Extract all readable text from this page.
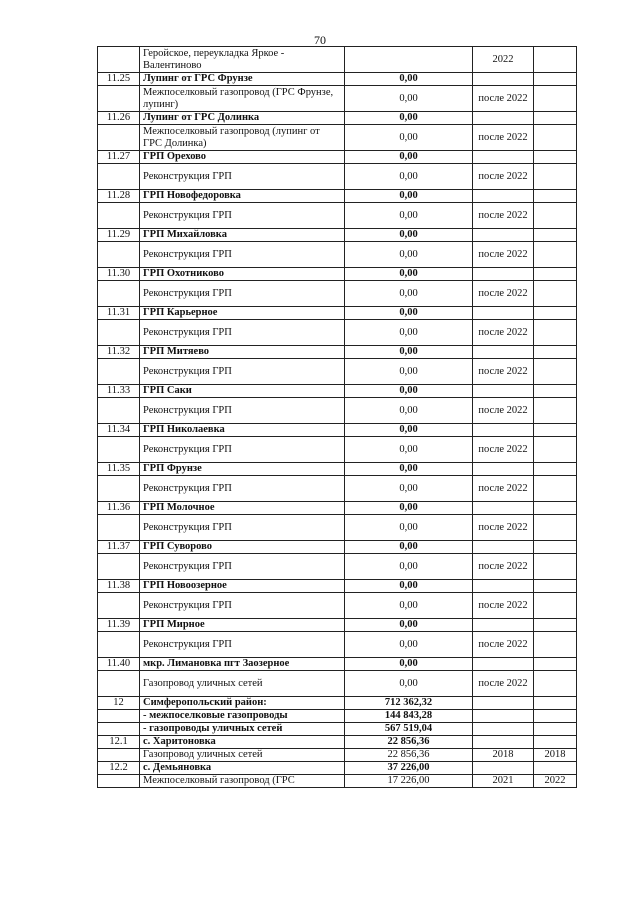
70
	Геройское, переукладка Яркое - Валентиново		2022	
11.25	Лупинг от ГРС Фрунзе	0,00		
	Межпоселковый газопровод (ГРС Фрунзе, лупинг)	0,00	после 2022	
11.26	Лупинг от ГРС Долинка	0,00		
	Межпоселковый газопровод (лупинг от ГРС Долинка)	0,00	после 2022	
11.27	ГРП Орехово	0,00		
	Реконструкция ГРП	0,00	после 2022	
11.28	ГРП Новофедоровка	0,00		
	Реконструкция ГРП	0,00	после 2022	
11.29	ГРП Михайловка	0,00		
	Реконструкция ГРП	0,00	после 2022	
11.30	ГРП Охотниково	0,00		
	Реконструкция ГРП	0,00	после 2022	
11.31	ГРП Карьерное	0,00		
	Реконструкция ГРП	0,00	после 2022	
11.32	ГРП Митяево	0,00		
	Реконструкция ГРП	0,00	после 2022	
11.33	ГРП Саки	0,00		
	Реконструкция ГРП	0,00	после 2022	
11.34	ГРП Николаевка	0,00		
	Реконструкция ГРП	0,00	после 2022	
11.35	ГРП Фрунзе	0,00		
	Реконструкция ГРП	0,00	после 2022	
11.36	ГРП Молочное	0,00		
	Реконструкция ГРП	0,00	после 2022	
11.37	ГРП Суворово	0,00		
	Реконструкция ГРП	0,00	после 2022	
11.38	ГРП Новоозерное	0,00		
	Реконструкция ГРП	0,00	после 2022	
11.39	ГРП Мирное	0,00		
	Реконструкция ГРП	0,00	после 2022	
11.40	мкр. Лимановка пгт Заозерное	0,00		
	Газопровод уличных сетей	0,00	после 2022	
12	Симферопольский район:	712 362,32		
	- межпоселковые газопроводы	144 843,28		
	- газопроводы уличных сетей	567 519,04		
12.1	с. Харитоновка	22 856,36		
	Газопровод уличных сетей	22 856,36	2018	2018
12.2	с. Демьяновка	37 226,00		
	Межпоселковый газопровод (ГРС	17 226,00	2021	2022
